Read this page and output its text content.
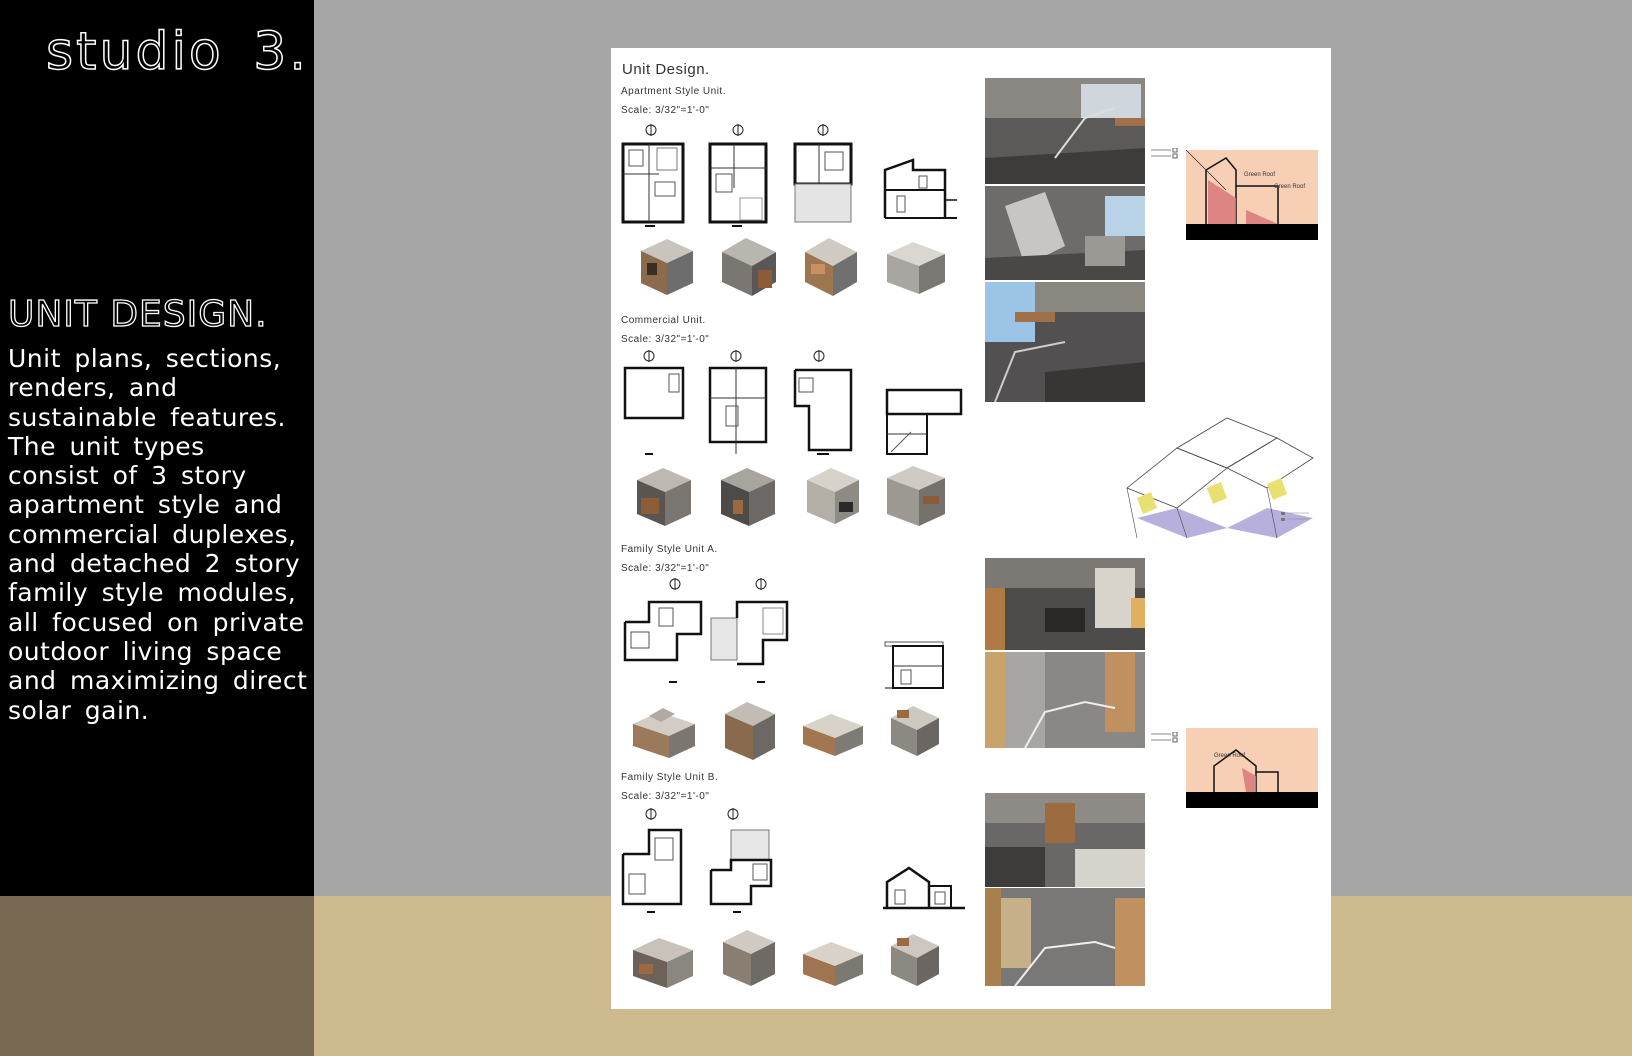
studio 3.
UNIT DESIGN.
Unit plans, sections, renders, and sustainable features. The unit types consist of 3 story apartment style and commercial duplexes, and detached 2 story family style modules, all focused on private outdoor living space and maximizing direct solar gain.
Unit Design.
Apartment Style Unit.
Scale: 3/32"=1'-0"
Commercial Unit.
Scale: 3/32"=1'-0"
Family Style Unit A.
Scale: 3/32"=1'-0"
Family Style Unit B.
Scale: 3/32"=1'-0"
Green Roof
Green Roof
Green Roof
